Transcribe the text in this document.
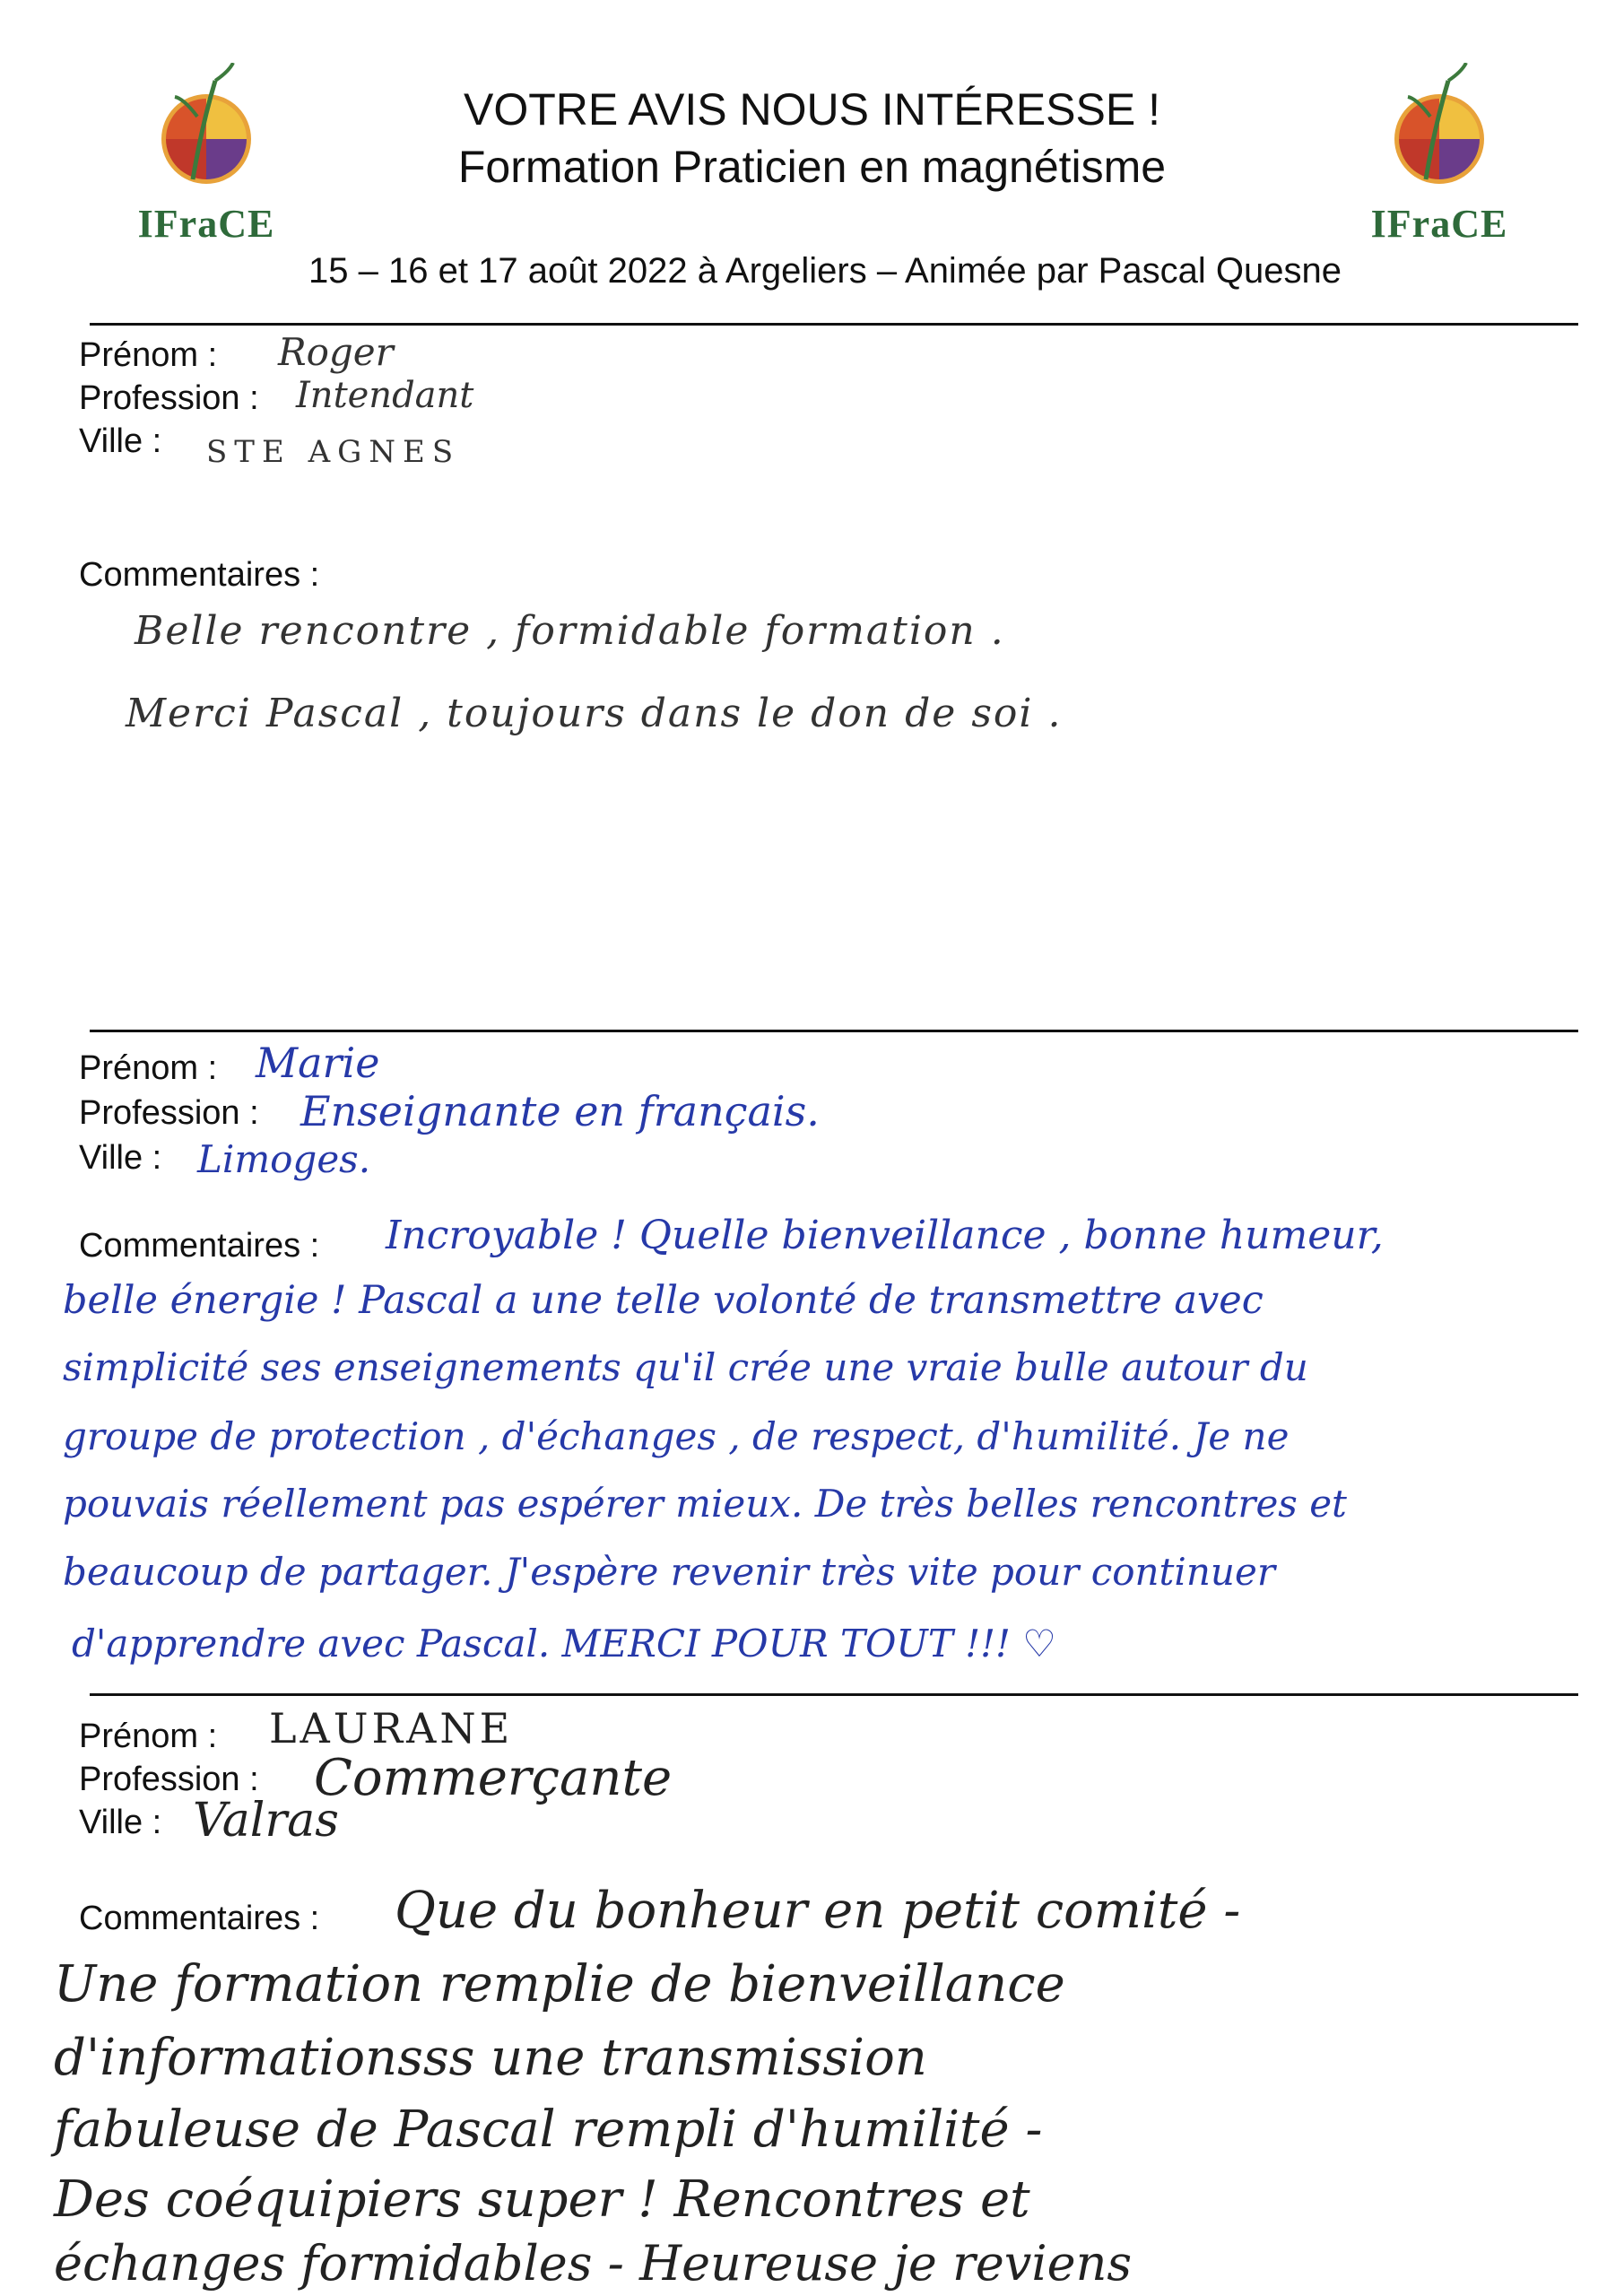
IFraCE	IFraCE
VOTRE AVIS NOUS INTÉRESSE !
Formation Praticien en magnétisme
15 – 16 et 17 août 2022 à Argeliers – Animée par Pascal Quesne
Prénom : Roger
Profession : Intendant
Ville : STE AGNES
Commentaires :
Belle rencontre , formidable formation .
Merci Pascal , toujours dans le don de soi .
Prénom : Marie
Profession : Enseignante en français.
Ville : Limoges.
Commentaires : Incroyable ! Quelle bienveillance , bonne humeur,
belle énergie ! Pascal a une telle volonté de transmettre avec
simplicité ses enseignements qu'il crée une vraie bulle autour du
groupe de protection , d'échanges , de respect, d'humilité. Je ne
pouvais réellement pas espérer mieux. De très belles rencontres et
beaucoup de partager. J'espère revenir très vite pour continuer
d'apprendre avec Pascal. MERCI POUR TOUT !!! ♡
Prénom : LAURANE
Profession : Commerçante
Ville : Valras
Commentaires : Que du bonheur en petit comité -
Une formation remplie de bienveillance
d'informationsss une transmission
fabuleuse de Pascal rempli d'humilité -
Des coéquipiers super ! Rencontres et
échanges formidables - Heureuse je reviens
